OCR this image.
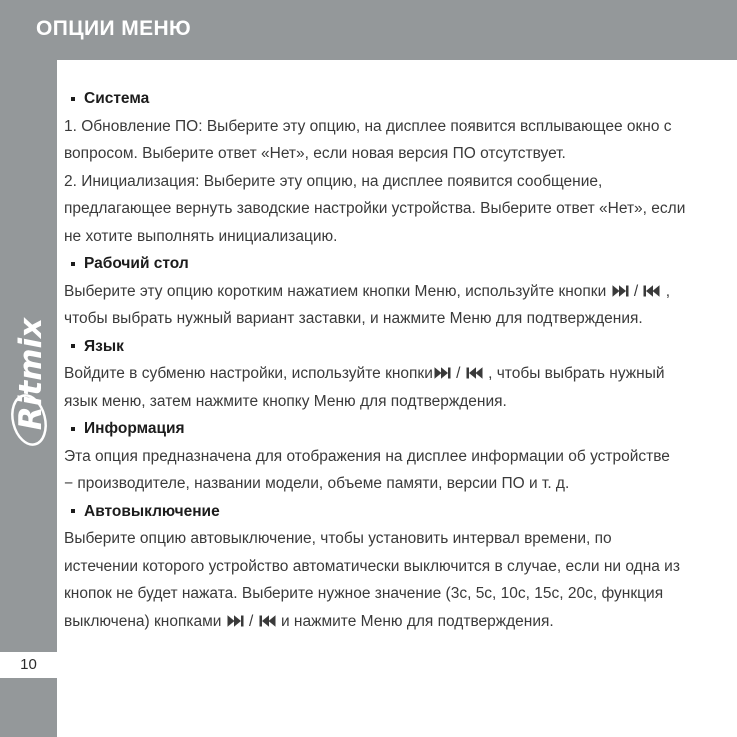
ОПЦИИ МЕНЮ
Ritmix
Система
1. Обновление ПО: Выберите эту опцию, на дисплее появится всплывающее окно с
вопросом. Выберите ответ «Нет», если новая версия ПО отсутствует.
2. Инициализация: Выберите эту опцию, на дисплее появится сообщение,
предлагающее вернуть заводские настройки устройства. Выберите ответ «Нет», если
не хотите выполнять инициализацию.
Рабочий стол
Выберите эту опцию коротким нажатием кнопки Меню, используйте кнопки  /  ,
чтобы выбрать нужный вариант заставки, и нажмите Меню для подтверждения.
Язык
Войдите в субменю настройки, используйте кнопки /  , чтобы выбрать нужный
язык меню, затем нажмите кнопку Меню для подтверждения.
Информация
Эта опция предназначена для отображения на дисплее информации об устройстве
− производителе, названии модели, объеме памяти, версии ПО и т. д.
Автовыключение
Выберите опцию автовыключение, чтобы установить интервал времени, по
истечении которого устройство автоматически выключится в случае, если ни одна из
кнопок не будет нажата. Выберите нужное значение (3с, 5с, 10с, 15с, 20с, функция
выключена) кнопками  /  и нажмите Меню для подтверждения.
10
